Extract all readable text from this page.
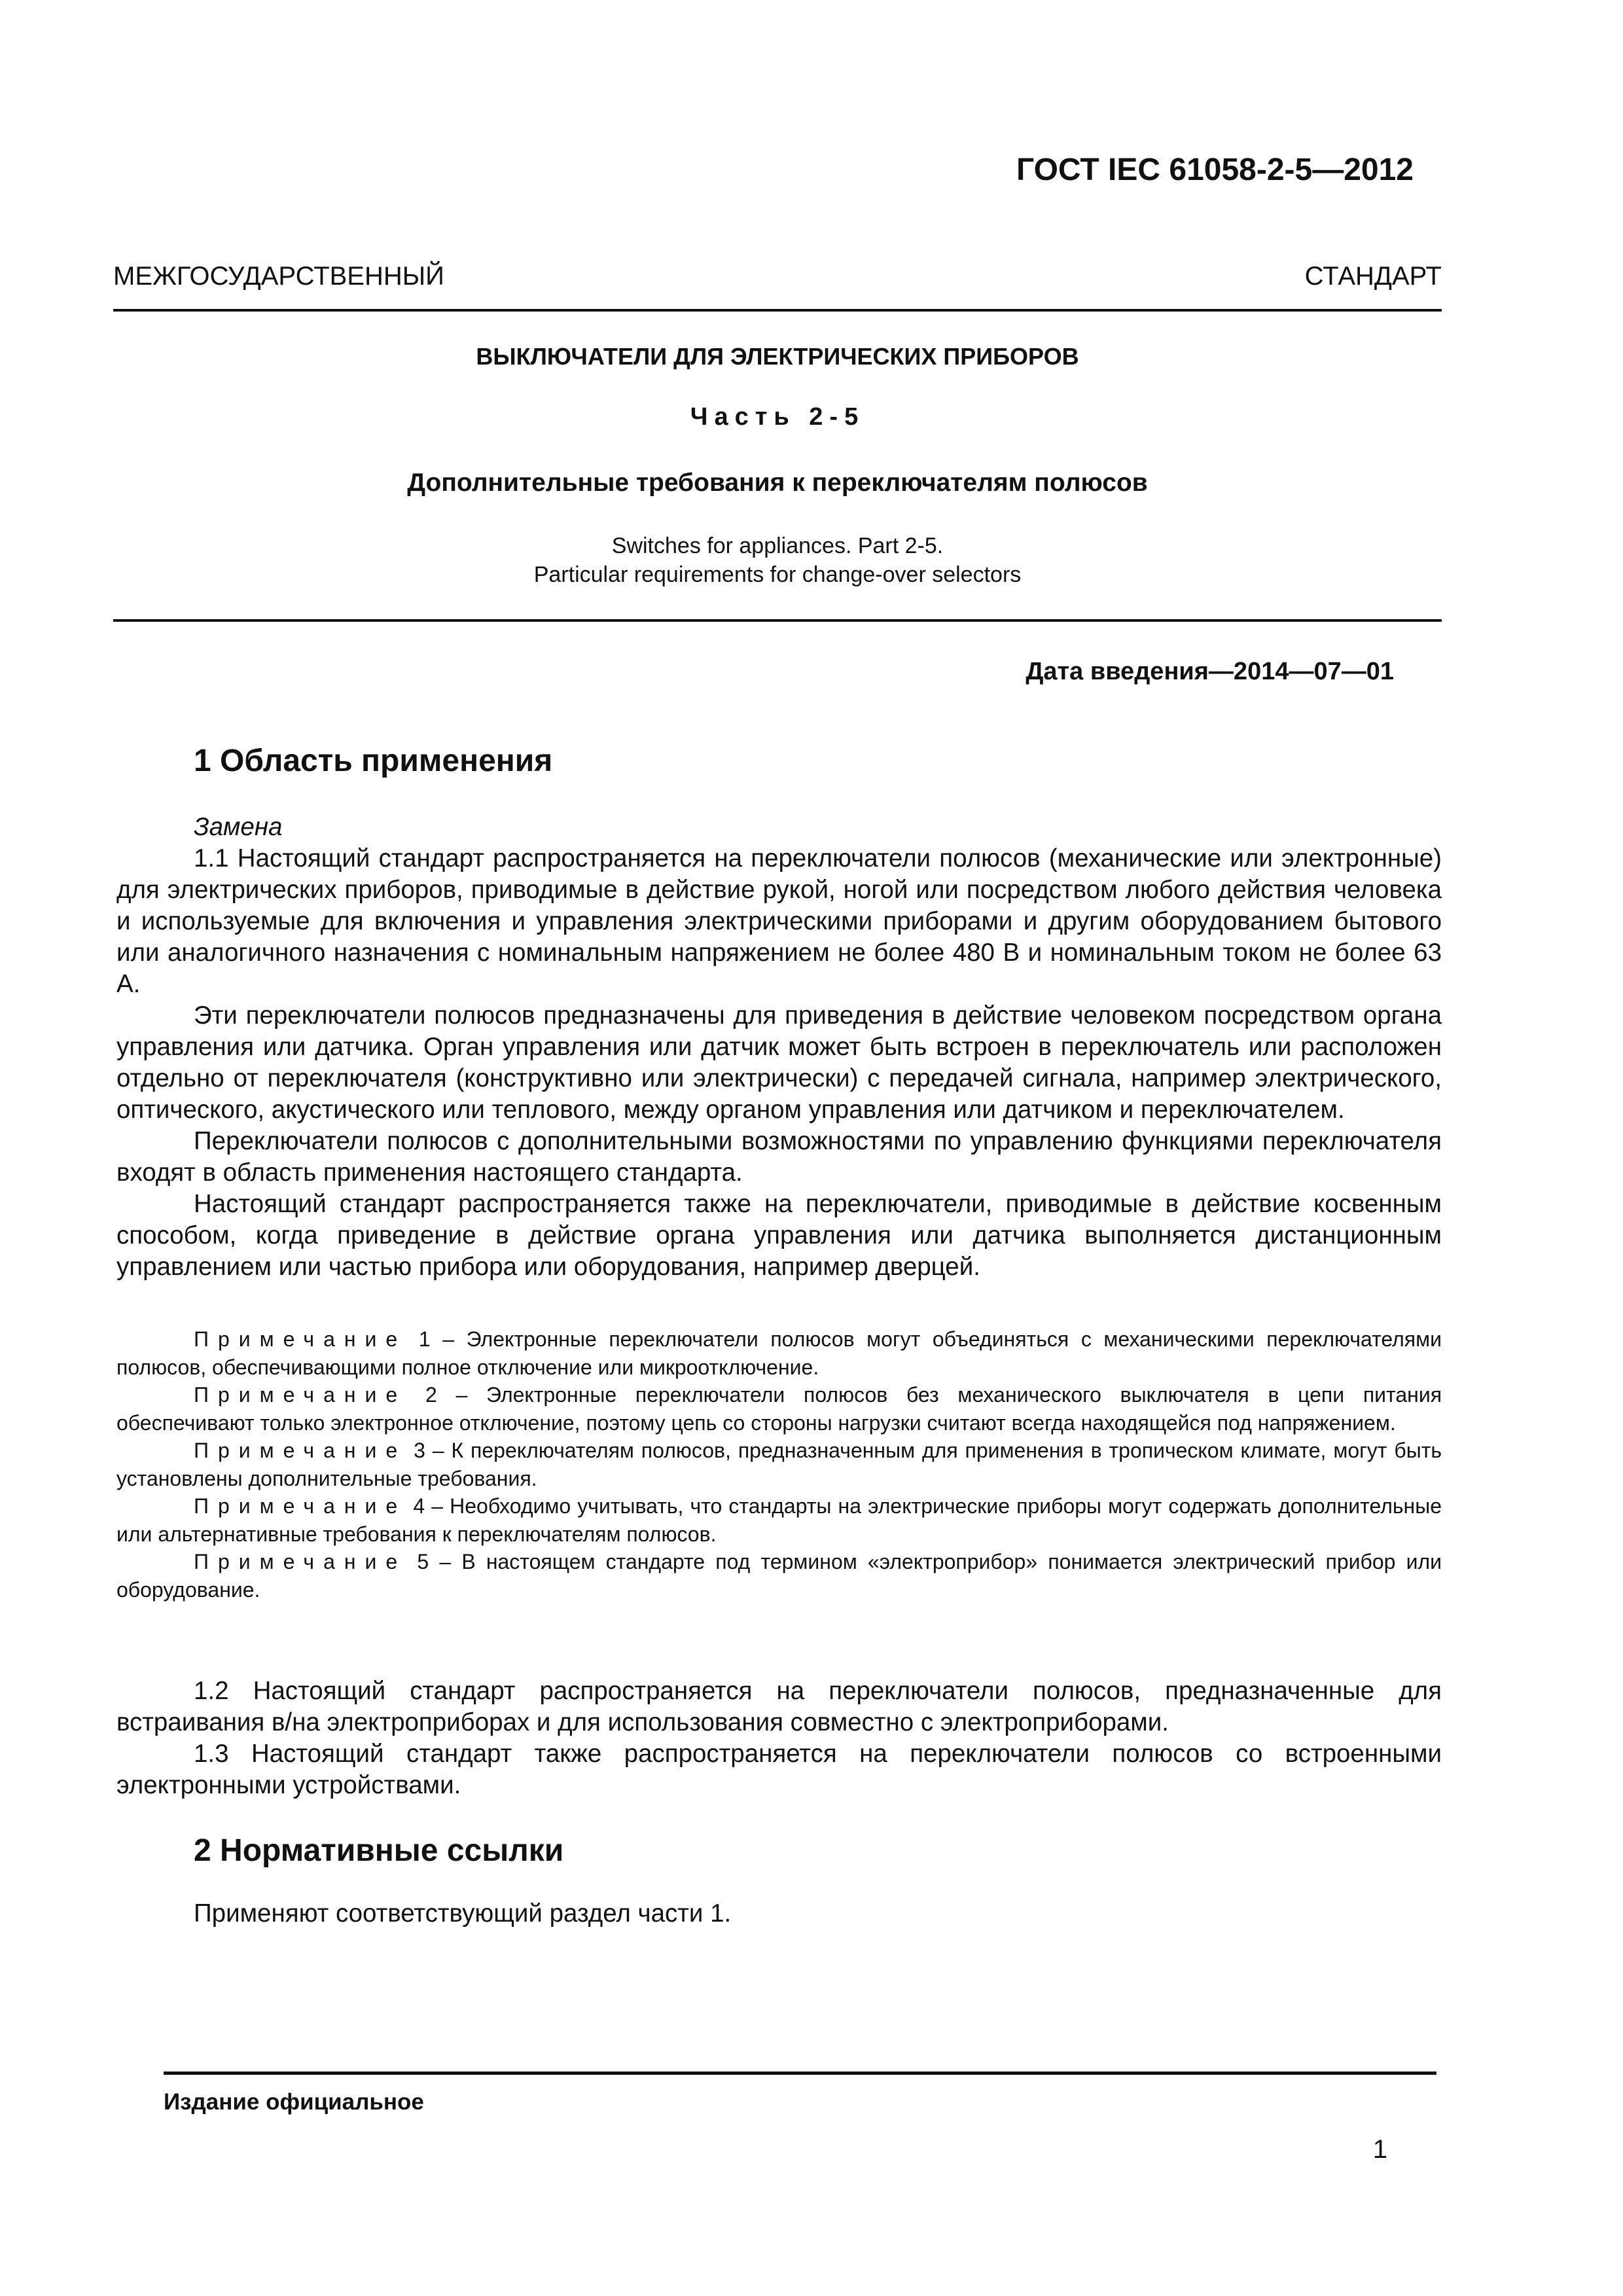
ГОСТ IEC 61058-2-5—2012
МЕЖГОСУДАРСТВЕННЫЙ СТАНДАРТ
ВЫКЛЮЧАТЕЛИ ДЛЯ ЭЛЕКТРИЧЕСКИХ ПРИБОРОВ
Часть 2-5
Дополнительные требования к переключателям полюсов
Switches for appliances. Part 2-5.
Particular requirements for change-over selectors
Дата введения—2014—07—01
1 Область применения

Замена

1.1 Настоящий стандарт распространяется на переключатели полюсов (механические или электронные) для электрических приборов, приводимые в действие рукой, ногой или посредством любого действия человека и используемые для включения и управления электрическими приборами и другим оборудованием бытового или аналогичного назначения с номинальным напряжением не более 480 В и номинальным током не более 63 А.

Эти переключатели полюсов предназначены для приведения в действие человеком посредством органа управления или датчика. Орган управления или датчик может быть встроен в переключатель или расположен отдельно от переключателя (конструктивно или электрически) с передачей сигнала, например электрического, оптического, акустического или теплового, между органом управления или датчиком и переключателем.

Переключатели полюсов с дополнительными возможностями по управлению функциями переключателя входят в область применения настоящего стандарта.

Настоящий стандарт распространяется также на переключатели, приводимые в действие косвенным способом, когда приведение в действие органа управления или датчика выполняется дистанционным управлением или частью прибора или оборудования, например дверцей.

Примечание 1 – Электронные переключатели полюсов могут объединяться с механическими переключателями полюсов, обеспечивающими полное отключение или микроотключение.

Примечание 2 – Электронные переключатели полюсов без механического выключателя в цепи питания обеспечивают только электронное отключение, поэтому цепь со стороны нагрузки считают всегда находящейся под напряжением.

Примечание 3 – К переключателям полюсов, предназначенным для применения в тропическом климате, могут быть установлены дополнительные требования.

Примечание 4 – Необходимо учитывать, что стандарты на электрические приборы могут содержать дополнительные или альтернативные требования к переключателям полюсов.

Примечание 5 – В настоящем стандарте под термином «электроприбор» понимается электрический прибор или оборудование.

1.2 Настоящий стандарт распространяется на переключатели полюсов, предназначенные для встраивания в/на электроприборах и для использования совместно с электроприборами.

1.3 Настоящий стандарт также распространяется на переключатели полюсов со встроенными электронными устройствами.

2 Нормативные ссылки

Применяют соответствующий раздел части 1.

Издание официальное
1
